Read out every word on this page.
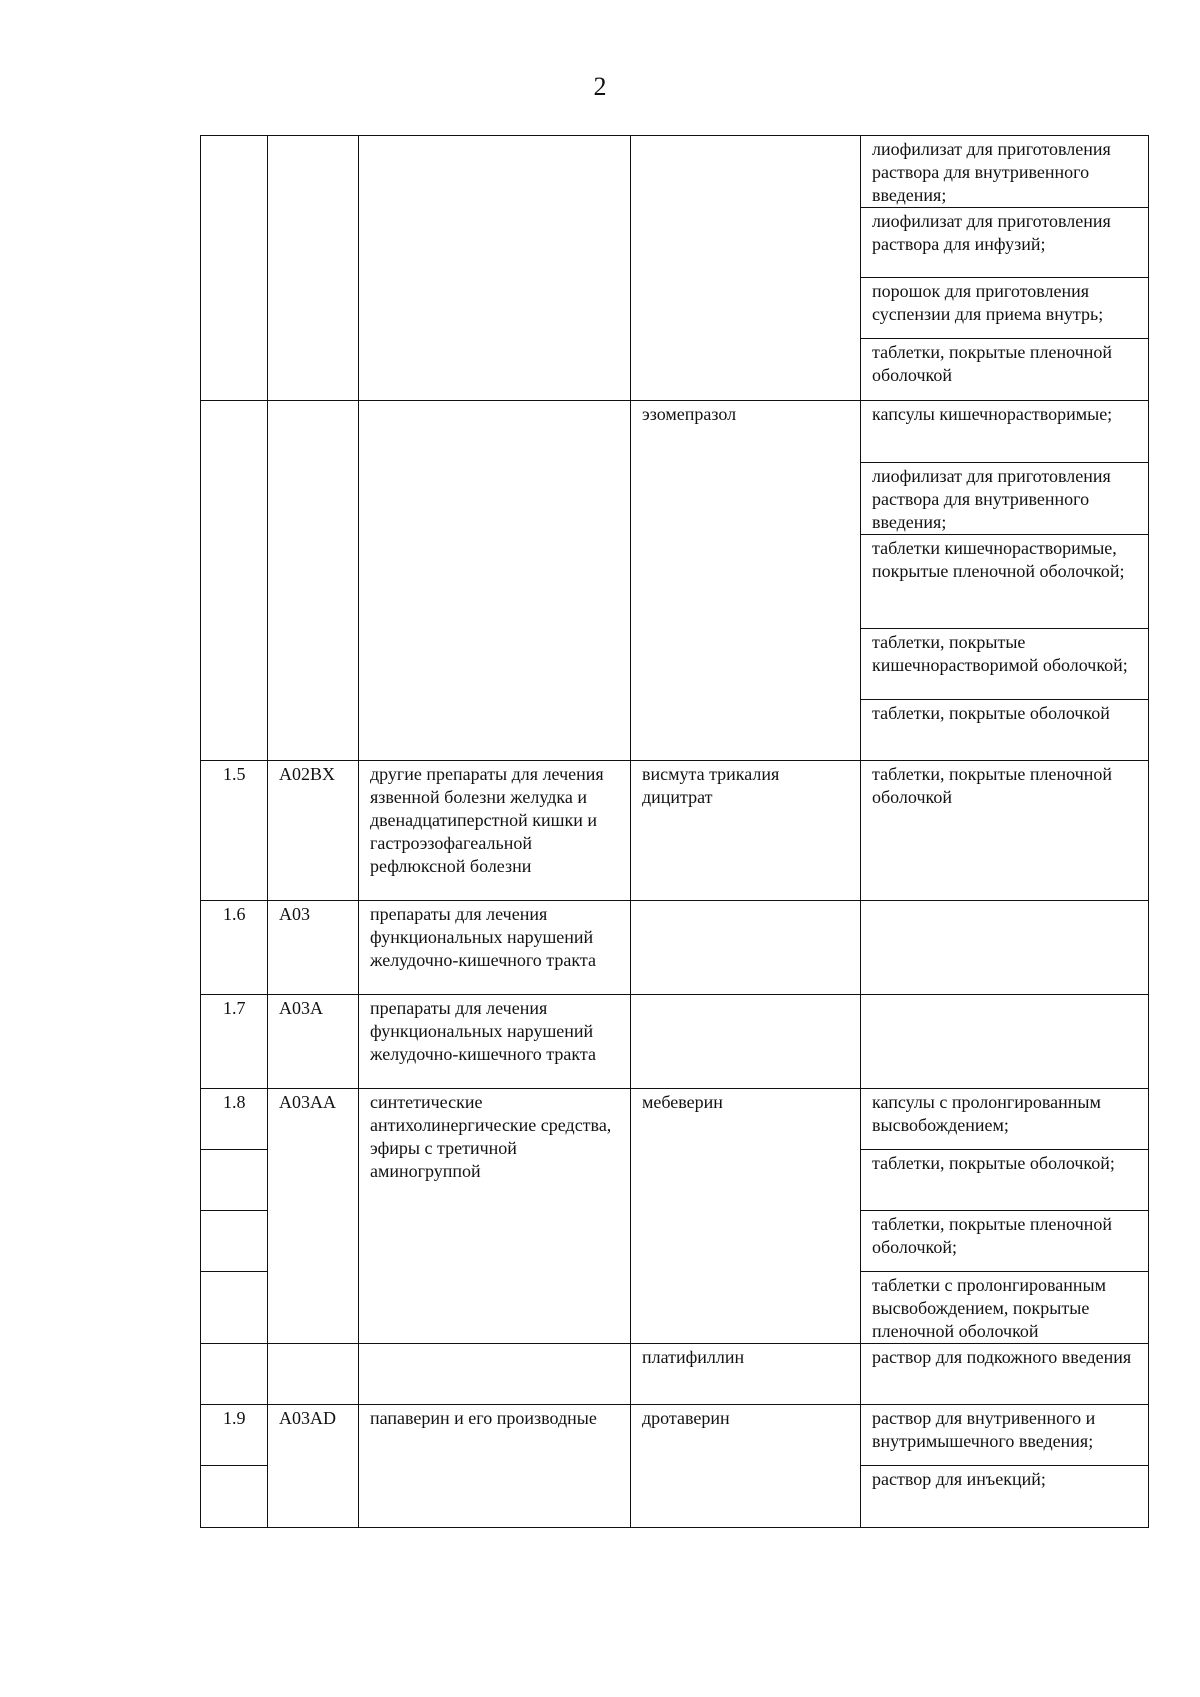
2
				лиофилизат для приготовления раствора для внутривенного введения;
				лиофилизат для приготовления раствора для инфузий;
				порошок для приготовления суспензии для приема внутрь;
				таблетки, покрытые пленочной оболочкой
			эзомепразол	капсулы кишечнорастворимые;
				лиофилизат для приготовления раствора для внутривенного введения;
				таблетки кишечнорастворимые, покрытые пленочной оболочкой;
				таблетки, покрытые кишечнорастворимой оболочкой;
				таблетки, покрытые оболочкой
1.5	A02BX	другие препараты для лечения язвенной болезни желудка и двенадцатиперстной кишки и гастроэзофагеальной рефлюксной болезни	висмута трикалия дицитрат	таблетки, покрытые пленочной оболочкой
1.6	A03	препараты для лечения функциональных нарушений желудочно-кишечного тракта		
1.7	A03A	препараты для лечения функциональных нарушений желудочно-кишечного тракта		
1.8	A03AA	синтетические антихолинергические средства, эфиры с третичной аминогруппой	мебеверин	капсулы с пролонгированным высвобождением;
				таблетки, покрытые оболочкой;
				таблетки, покрытые пленочной оболочкой;
				таблетки с пролонгированным высвобождением, покрытые пленочной оболочкой
			платифиллин	раствор для подкожного введения
1.9	A03AD	папаверин и его производные	дротаверин	раствор для внутривенного и внутримышечного введения;
				раствор для инъекций;
